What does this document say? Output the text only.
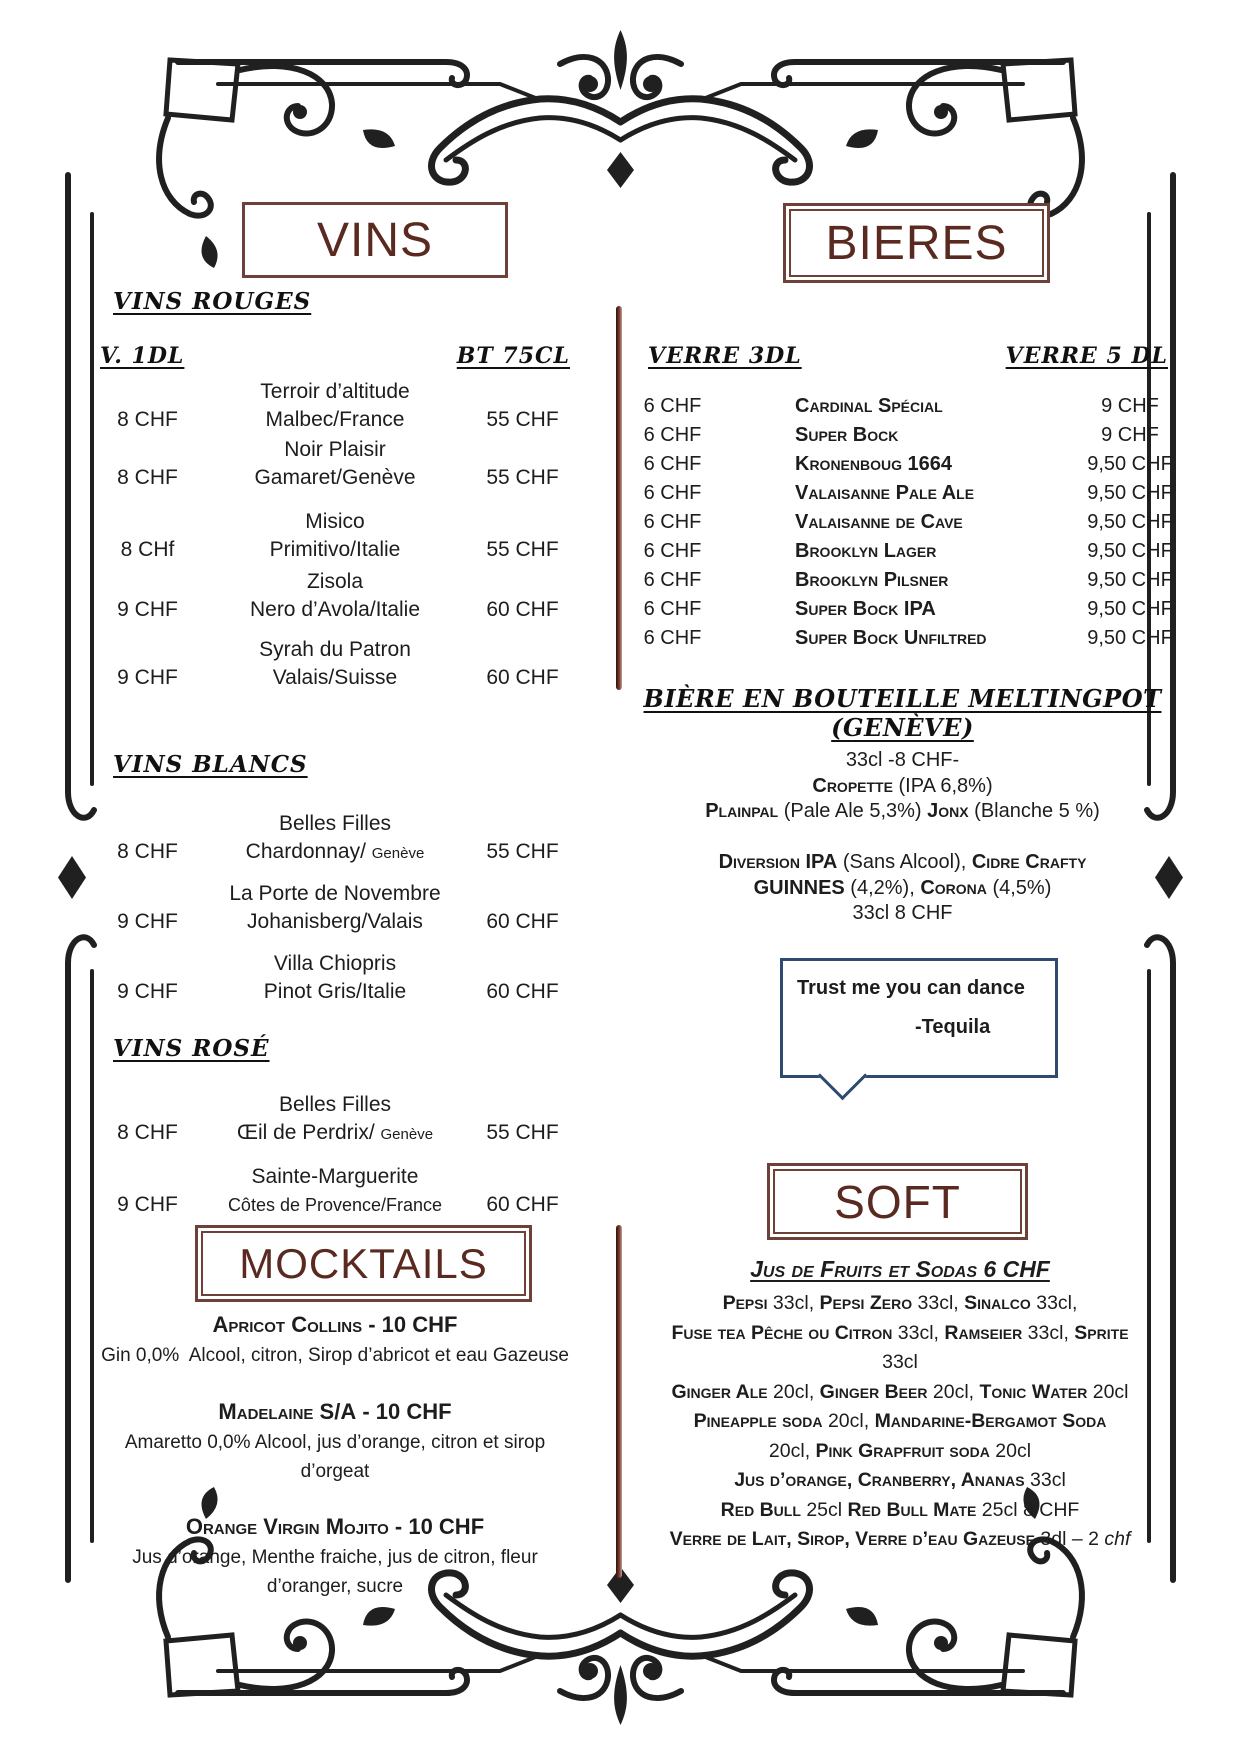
VINS
VINS ROUGES
V. 1DL	BT 75CL
Terroir d’altitude
8 CHF	Malbec/France	55 CHF
Noir Plaisir
8 CHF	Gamaret/Genève	55 CHF
Misico
8 CHf	Primitivo/Italie	55 CHF
Zisola
9 CHF	Nero d’Avola/Italie	60 CHF
Syrah du Patron
9 CHF	Valais/Suisse	60 CHF
VINS BLANCS
Belles Filles
8 CHF	Chardonnay/ Genève	55 CHF
La Porte de Novembre
9 CHF	Johanisberg/Valais	60 CHF
Villa Chiopris
9 CHF	Pinot Gris/Italie	60 CHF
VINS ROSÉ
Belles Filles
8 CHF	Œil de Perdrix/ Genève	55 CHF
Sainte-Marguerite
9 CHF	Côtes de Provence/France	60 CHF
MOCKTAILS
Apricot Collins - 10 CHF
Gin 0,0%  Alcool, citron, Sirop d’abricot et eau Gazeuse
Madelaine S/A - 10 CHF
Amaretto 0,0% Alcool, jus d’orange, citron et sirop d’orgeat
Orange Virgin Mojito - 10 CHF
Jus d’orange, Menthe fraiche, jus de citron, fleur d’oranger, sucre
BIERES
VERRE 3DL	VERRE 5 DL
6 CHF	Cardinal Spécial	9 CHF
6 CHF	Super Bock	9 CHF
6 CHF	Kronenboug 1664	9,50 CHF
6 CHF	Valaisanne Pale Ale	9,50 CHF
6 CHF	Valaisanne de Cave	9,50 CHF
6 CHF	Brooklyn Lager	9,50 CHF
6 CHF	Brooklyn Pilsner	9,50 CHF
6 CHF	Super Bock IPA	9,50 CHF
6 CHF	Super Bock Unfiltred	9,50 CHF
BIÈRE EN BOUTEILLE MELTINGPOT (GENÈVE)
33cl -8 CHF-
Cropette (IPA 6,8%)
Plainpal (Pale Ale 5,3%) Jonx (Blanche 5 %)
Diversion IPA (Sans Alcool), Cidre Crafty
GUINNES (4,2%), Corona (4,5%)
33cl 8 CHF
Trust me you can dance
-Tequila
SOFT
Jus de Fruits et Sodas 6 CHF
Pepsi 33cl, Pepsi Zero 33cl, Sinalco 33cl,
Fuse tea Pêche ou Citron 33cl, Ramseier 33cl, Sprite
33cl
Ginger Ale 20cl, Ginger Beer 20cl, Tonic Water 20cl
Pineapple soda 20cl, Mandarine-Bergamot Soda
20cl, Pink Grapfruit soda 20cl
Jus d’orange, Cranberry, Ananas 33cl
Red Bull 25cl Red Bull Mate 25cl 8 CHF
Verre de Lait, Sirop, Verre d’eau Gazeuse 3dl – 2 chf
